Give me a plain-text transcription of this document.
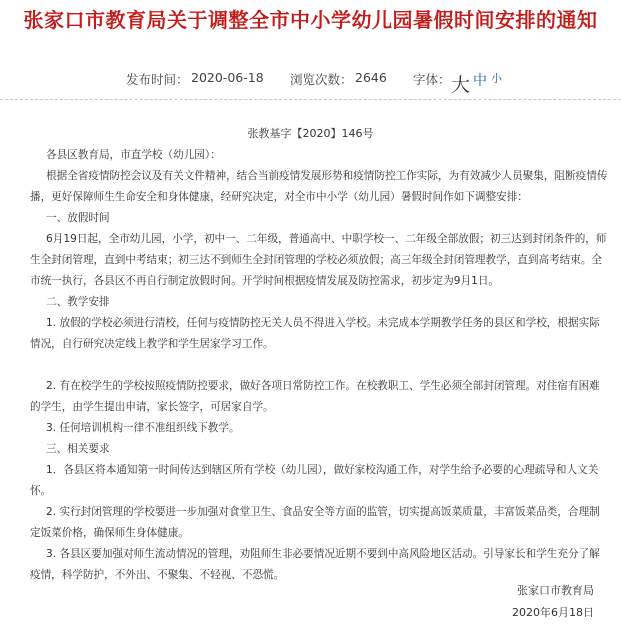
张家口市教育局关于调整全市中小学幼儿园暑假时间安排的通知
发布时间： 2020-06-18 浏览次数： 2646 字体： 大 中 小
张教基字【2020】146号

各县区教育局，市直学校（幼儿园）：

根据全省疫情防控会议及有关文件精神，结合当前疫情发展形势和疫情防控工作实际，为有效减少人员聚集，阻断疫情传播，更好保障师生生命安全和身体健康，经研究决定，对全市中小学（幼儿园）暑假时间作如下调整安排：

一、放假时间

6月19日起，全市幼儿园，小学，初中一、二年级，普通高中、中职学校一、二年级全部放假；初三达到封闭条件的，师生全封闭管理，直到中考结束；初三达不到师生全封闭管理的学校必须放假；高三年级全封闭管理教学，直到高考结束。全市统一执行，各县区不再自行制定放假时间。开学时间根据疫情发展及防控需求，初步定为9月1日。

二、教学安排

1. 放假的学校必须进行清校，任何与疫情防控无关人员不得进入学校。未完成本学期教学任务的县区和学校，根据实际情况，自行研究决定线上教学和学生居家学习工作。

2. 有在校学生的学校按照疫情防控要求，做好各项日常防控工作。在校教职工、学生必须全部封闭管理。对住宿有困难的学生，由学生提出申请，家长签字，可居家自学。

3. 任何培训机构一律不准组织线下教学。

三、相关要求

1．各县区将本通知第一时间传达到辖区所有学校（幼儿园），做好家校沟通工作，对学生给予必要的心理疏导和人文关怀。

2. 实行封闭管理的学校要进一步加强对食堂卫生、食品安全等方面的监管，切实提高饭菜质量，丰富饭菜品类，合理制定饭菜价格，确保师生身体健康。

3. 各县区要加强对师生流动情况的管理，劝阻师生非必要情况近期不要到中高风险地区活动。引导家长和学生充分了解疫情，科学防护，不外出、不聚集、不轻视、不恐慌。

张家口市教育局
2020年6月18日
